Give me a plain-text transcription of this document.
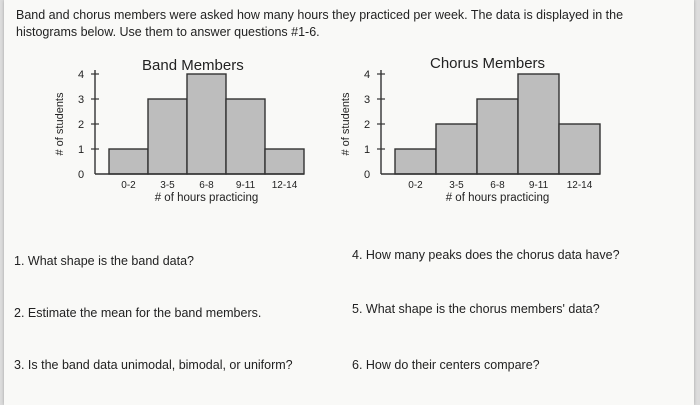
Band and chorus members were asked how many hours they practiced per week. The data is displayed in the
histograms below. Use them to answer questions #1-6.
Band Members
0
1
2
3
4
0-2 3-5 6-8 9-11 12-14
# of hours practicing
# of students
Chorus Members
0
1
2
3
4
0-2	3-5	6-8 9-11 12-14
# of hours practicing
# of students
1. What shape is the band data?
2. Estimate the mean for the band members.
3. Is the band data unimodal, bimodal, or uniform?
4. How many peaks does the chorus data have?
5. What shape is the chorus members' data?
6. How do their centers compare?
